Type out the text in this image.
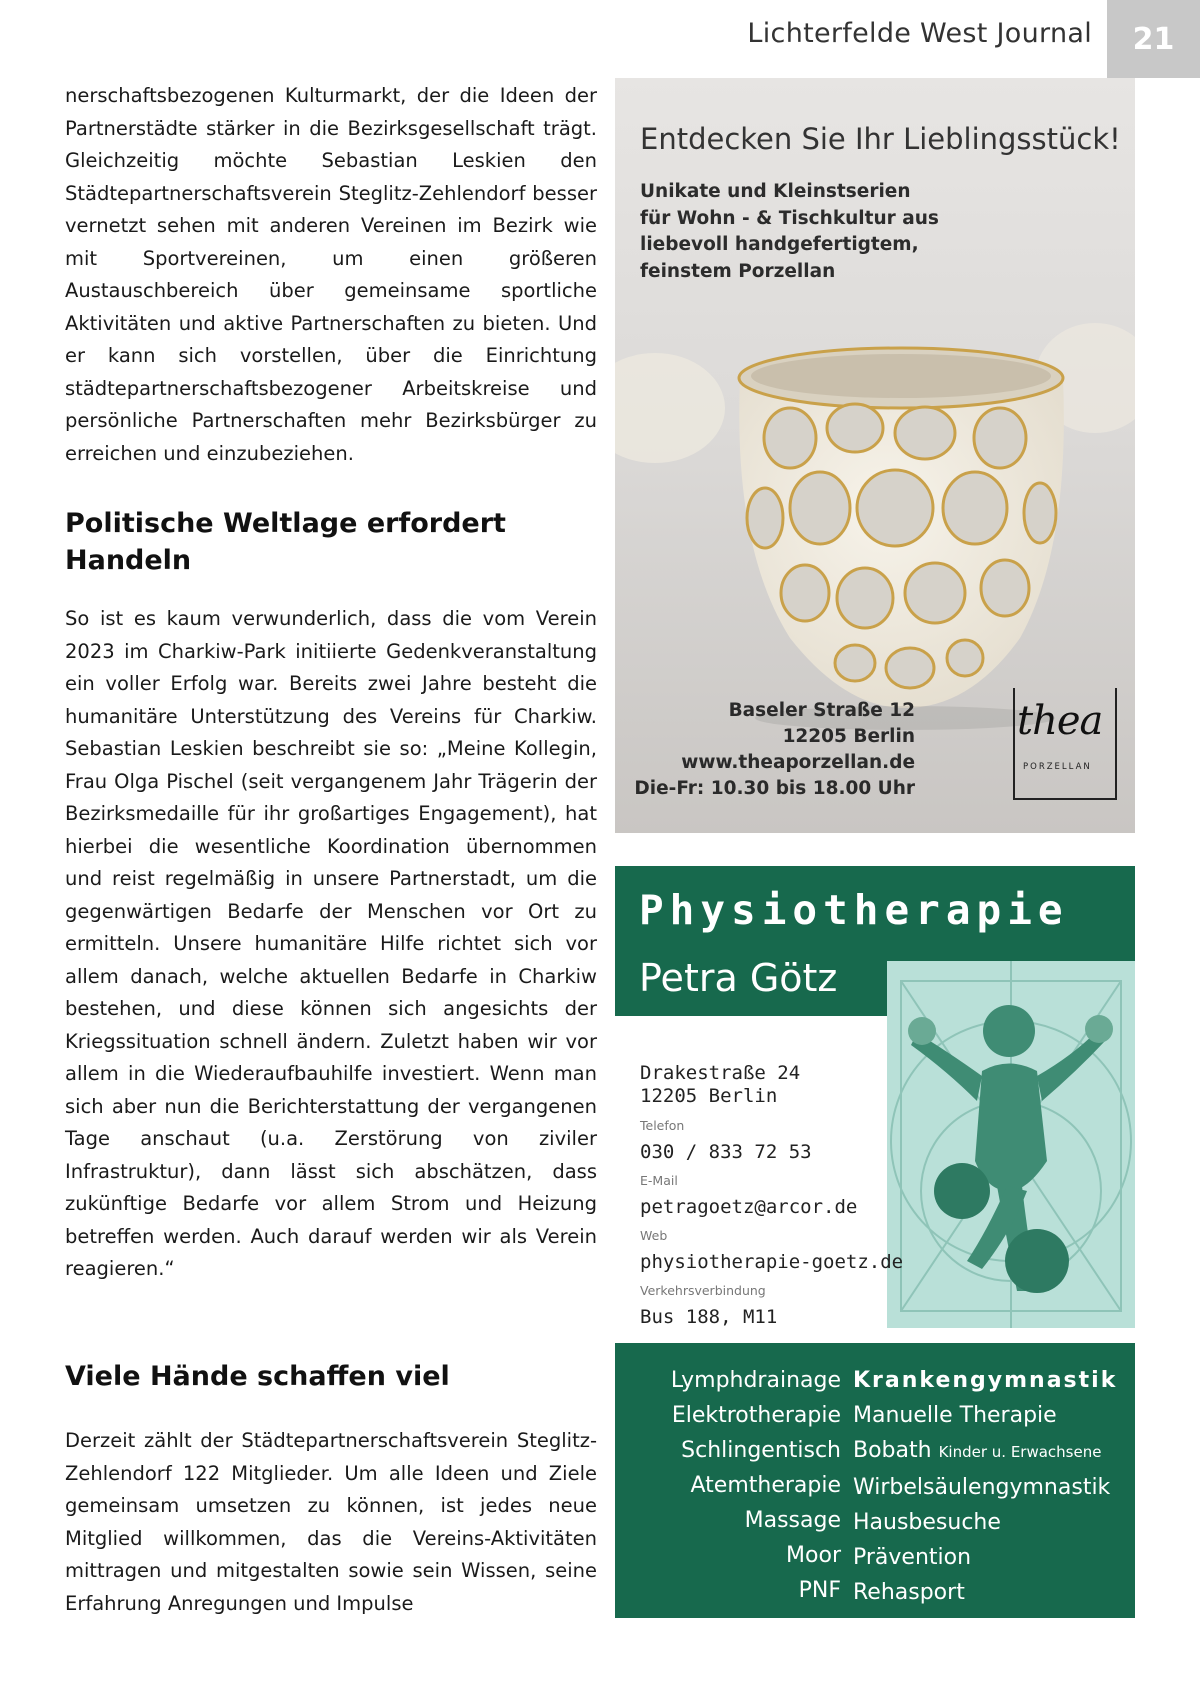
Lichterfelde West Journal	21

nerschaftsbezogenen Kulturmarkt, der die Ideen der Partnerstädte stärker in die Bezirksgesellschaft trägt. Gleichzeitig möchte Sebastian Leskien den Städtepartnerschaftsverein Steglitz-Zehlendorf besser vernetzt sehen mit anderen Vereinen im Bezirk wie mit Sportvereinen, um einen größeren Austauschbereich über gemeinsame sportliche Aktivitäten und aktive Partnerschaften zu bieten. Und er kann sich vorstellen, über die Einrichtung städtepartnerschaftsbezogener Arbeitskreise und persönliche Partnerschaften mehr Bezirksbürger zu erreichen und einzubeziehen.

Politische Weltlage erfordert Handeln

So ist es kaum verwunderlich, dass die vom Verein 2023 im Charkiw-Park initiierte Gedenkveranstaltung ein voller Erfolg war. Bereits zwei Jahre besteht die humanitäre Unterstützung des Vereins für Charkiw. Sebastian Leskien beschreibt sie so: „Meine Kollegin, Frau Olga Pischel (seit vergangenem Jahr Trägerin der Bezirksmedaille für ihr großartiges Engagement), hat hierbei die wesentliche Koordination übernommen und reist regelmäßig in unsere Partnerstadt, um die gegenwärtigen Bedarfe der Menschen vor Ort zu ermitteln. Unsere humanitäre Hilfe richtet sich vor allem danach, welche aktuellen Bedarfe in Charkiw bestehen, und diese können sich angesichts der Kriegssituation schnell ändern. Zuletzt haben wir vor allem in die Wiederaufbauhilfe investiert. Wenn man sich aber nun die Berichterstattung der vergangenen Tage anschaut (u.a. Zerstörung von ziviler Infrastruktur), dann lässt sich abschätzen, dass zukünftige Bedarfe vor allem Strom und Heizung betreffen werden. Auch darauf werden wir als Verein reagieren.“

Viele Hände schaffen viel

Derzeit zählt der Städtepartnerschaftsverein Steglitz-Zehlendorf 122 Mitglieder. Um alle Ideen und Ziele gemeinsam umsetzen zu können, ist jedes neue Mitglied willkommen, das die Vereins-Aktivitäten mittragen und mitgestalten sowie sein Wissen, seine Erfahrung Anregungen und Impulse

Entdecken Sie Ihr Lieblingsstück!
Unikate und Kleinstserien für Wohn - & Tischkultur aus liebevoll handgefertigtem, feinstem Porzellan
Baseler Straße 12
12205 Berlin
www.theaporzellan.de
Die-Fr: 10.30 bis 18.00 Uhr
thea
PORZELLAN
Physiotherapie
Petra Götz
Drakestraße 24
12205 Berlin
Telefon
030 / 833 72 53
E-Mail
petragoetz@arcor.de
Web
physiotherapie-goetz.de
Verkehrsverbindung
Bus 188, M11
Lymphdrainage
Elektrotherapie
Schlingentisch
Atemtherapie
Massage
Moor
PNF
Krankengymnastik
Manuelle Therapie
Bobath Kinder u. Erwachsene
Wirbelsäulengymnastik
Hausbesuche
Prävention
Rehasport
